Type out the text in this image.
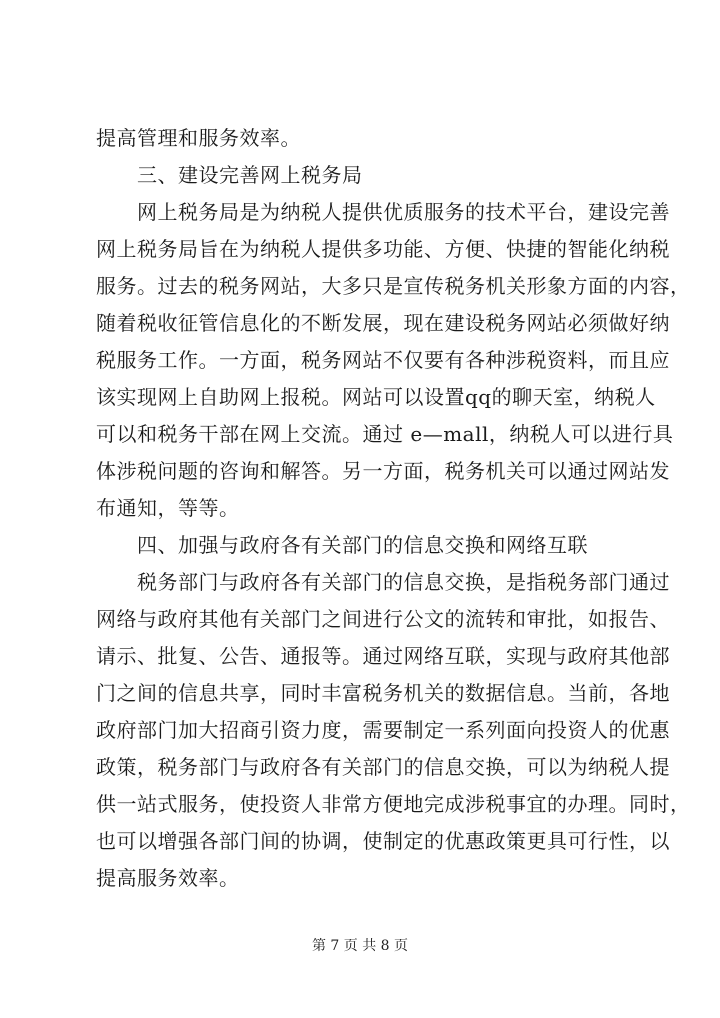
提高管理和服务效率。
　　三、建设完善网上税务局
　　网上税务局是为纳税人提供优质服务的技术平台，建设完善
网上税务局旨在为纳税人提供多功能、方便、快捷的智能化纳税
服务。过去的税务网站，大多只是宣传税务机关形象方面的内容，
随着税收征管信息化的不断发展，现在建设税务网站必须做好纳
税服务工作。一方面，税务网站不仅要有各种涉税资料，而且应
该实现网上自助网上报税。网站可以设置qq的聊天室，纳税人
可以和税务干部在网上交流。通过 e—mall，纳税人可以进行具
体涉税问题的咨询和解答。另一方面，税务机关可以通过网站发
布通知，等等。
　　四、加强与政府各有关部门的信息交换和网络互联
　　税务部门与政府各有关部门的信息交换，是指税务部门通过
网络与政府其他有关部门之间进行公文的流转和审批，如报告、
请示、批复、公告、通报等。通过网络互联，实现与政府其他部
门之间的信息共享，同时丰富税务机关的数据信息。当前，各地
政府部门加大招商引资力度，需要制定一系列面向投资人的优惠
政策，税务部门与政府各有关部门的信息交换，可以为纳税人提
供一站式服务，使投资人非常方便地完成涉税事宜的办理。同时，
也可以增强各部门间的协调，使制定的优惠政策更具可行性，以
提高服务效率。
第 7 页 共 8 页
